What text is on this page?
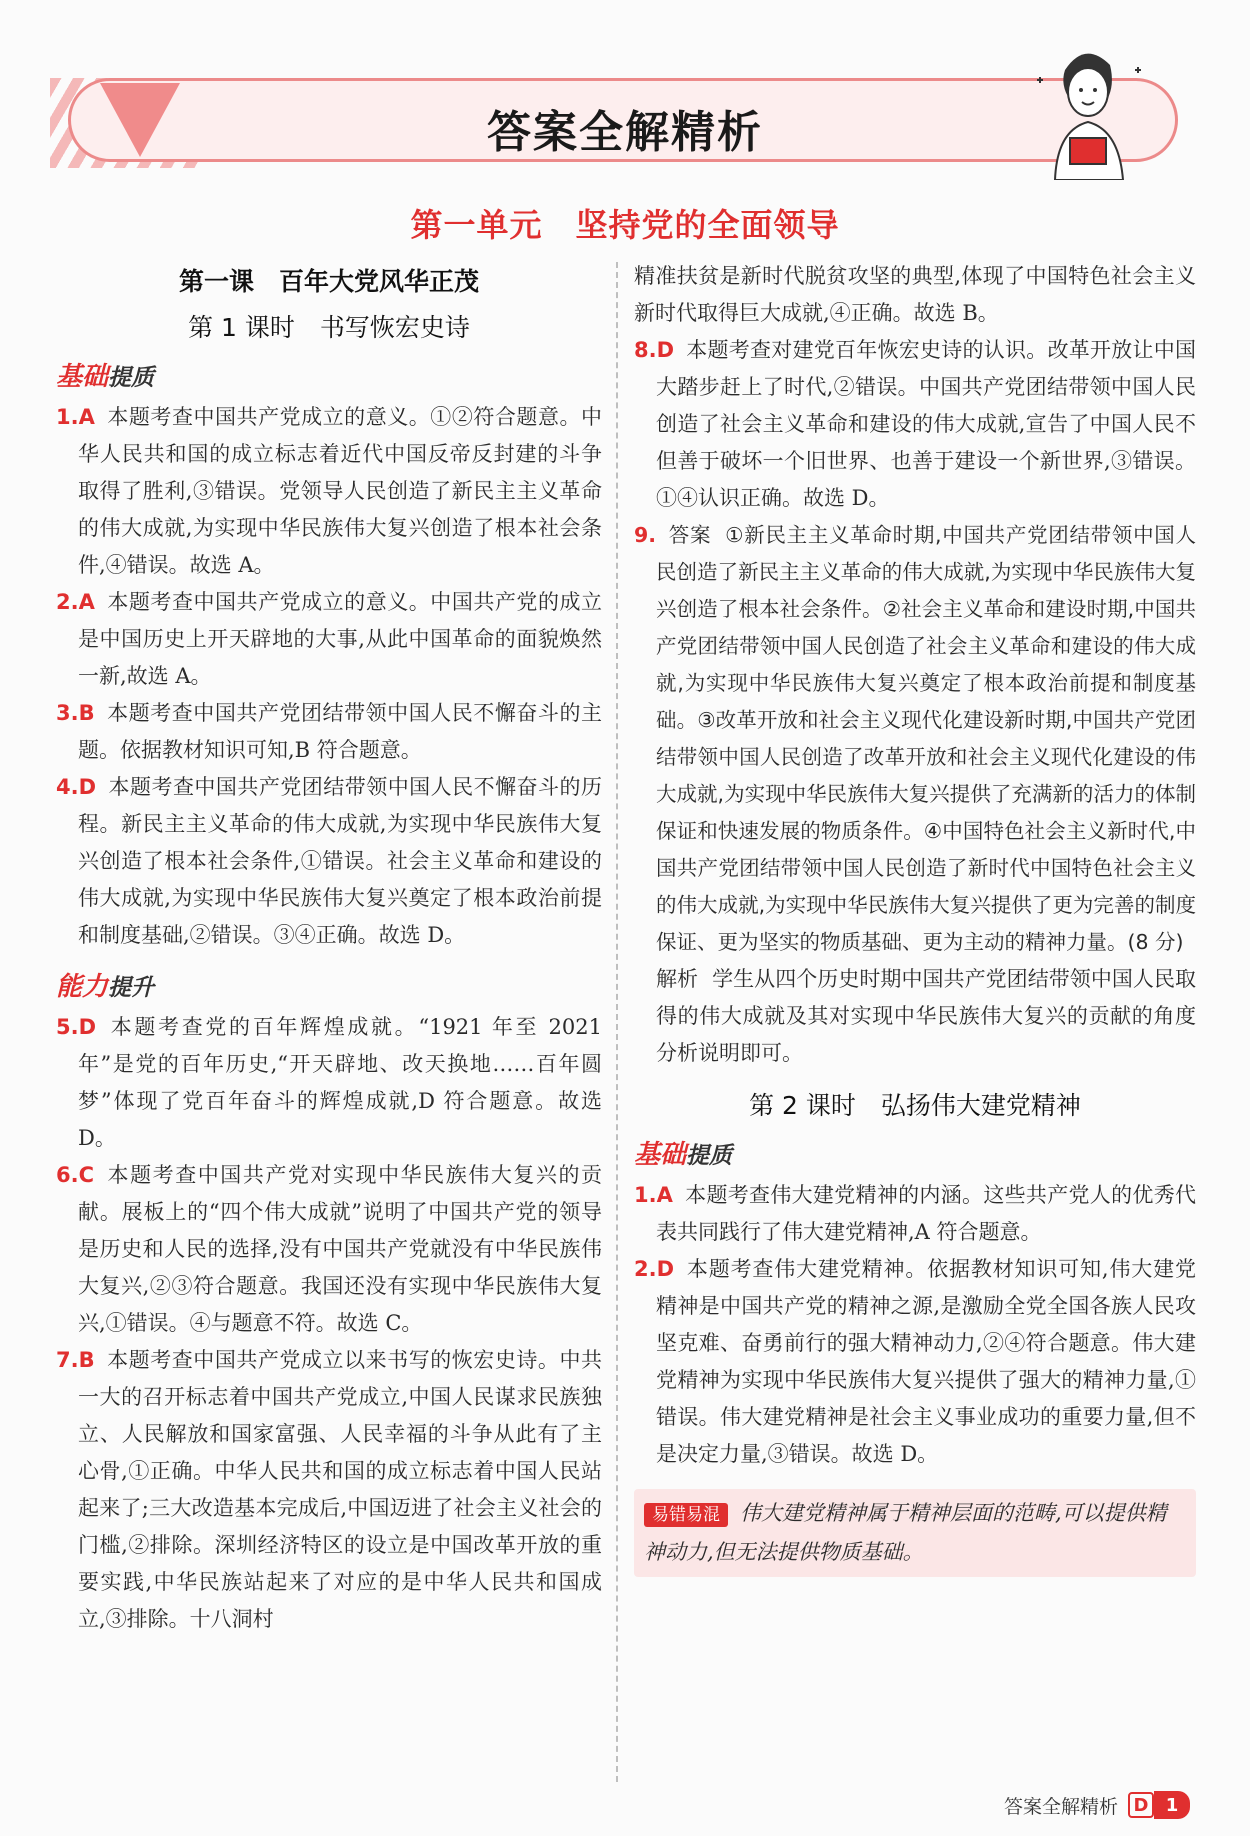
答案全解精析
第一单元　坚持党的全面领导
第一课　百年大党风华正茂
第 1 课时　书写恢宏史诗
基础提质

1.A 本题考查中国共产党成立的意义。①②符合题意。中华人民共和国的成立标志着近代中国反帝反封建的斗争取得了胜利,③错误。党领导人民创造了新民主主义革命的伟大成就,为实现中华民族伟大复兴创造了根本社会条件,④错误。故选 A。

2.A 本题考查中国共产党成立的意义。中国共产党的成立是中国历史上开天辟地的大事,从此中国革命的面貌焕然一新,故选 A。

3.B 本题考查中国共产党团结带领中国人民不懈奋斗的主题。依据教材知识可知,B 符合题意。

4.D 本题考查中国共产党团结带领中国人民不懈奋斗的历程。新民主主义革命的伟大成就,为实现中华民族伟大复兴创造了根本社会条件,①错误。社会主义革命和建设的伟大成就,为实现中华民族伟大复兴奠定了根本政治前提和制度基础,②错误。③④正确。故选 D。

能力提升

5.D 本题考查党的百年辉煌成就。“1921 年至 2021 年”是党的百年历史,“开天辟地、改天换地……百年圆梦”体现了党百年奋斗的辉煌成就,D 符合题意。故选 D。

6.C 本题考查中国共产党对实现中华民族伟大复兴的贡献。展板上的“四个伟大成就”说明了中国共产党的领导是历史和人民的选择,没有中国共产党就没有中华民族伟大复兴,②③符合题意。我国还没有实现中华民族伟大复兴,①错误。④与题意不符。故选 C。

7.B 本题考查中国共产党成立以来书写的恢宏史诗。中共一大的召开标志着中国共产党成立,中国人民谋求民族独立、人民解放和国家富强、人民幸福的斗争从此有了主心骨,①正确。中华人民共和国的成立标志着中国人民站起来了;三大改造基本完成后,中国迈进了社会主义社会的门槛,②排除。深圳经济特区的设立是中国改革开放的重要实践,中华民族站起来了对应的是中华人民共和国成立,③排除。十八洞村

精准扶贫是新时代脱贫攻坚的典型,体现了中国特色社会主义新时代取得巨大成就,④正确。故选 B。

8.D 本题考查对建党百年恢宏史诗的认识。改革开放让中国大踏步赶上了时代,②错误。中国共产党团结带领中国人民创造了社会主义革命和建设的伟大成就,宣告了中国人民不但善于破坏一个旧世界、也善于建设一个新世界,③错误。①④认识正确。故选 D。

9. 答案 ①新民主主义革命时期,中国共产党团结带领中国人民创造了新民主主义革命的伟大成就,为实现中华民族伟大复兴创造了根本社会条件。②社会主义革命和建设时期,中国共产党团结带领中国人民创造了社会主义革命和建设的伟大成就,为实现中华民族伟大复兴奠定了根本政治前提和制度基础。③改革开放和社会主义现代化建设新时期,中国共产党团结带领中国人民创造了改革开放和社会主义现代化建设的伟大成就,为实现中华民族伟大复兴提供了充满新的活力的体制保证和快速发展的物质条件。④中国特色社会主义新时代,中国共产党团结带领中国人民创造了新时代中国特色社会主义的伟大成就,为实现中华民族伟大复兴提供了更为完善的制度保证、更为坚实的物质基础、更为主动的精神力量。(8 分)

解析 学生从四个历史时期中国共产党团结带领中国人民取得的伟大成就及其对实现中华民族伟大复兴的贡献的角度分析说明即可。

第 2 课时　弘扬伟大建党精神
基础提质

1.A 本题考查伟大建党精神的内涵。这些共产党人的优秀代表共同践行了伟大建党精神,A 符合题意。

2.D 本题考查伟大建党精神。依据教材知识可知,伟大建党精神是中国共产党的精神之源,是激励全党全国各族人民攻坚克难、奋勇前行的强大精神动力,②④符合题意。伟大建党精神为实现中华民族伟大复兴提供了强大的精神力量,①错误。伟大建党精神是社会主义事业成功的重要力量,但不是决定力量,③错误。故选 D。

易错易混 伟大建党精神属于精神层面的范畴,可以提供精神动力,但无法提供物质基础。
答案全解精析 D 1
